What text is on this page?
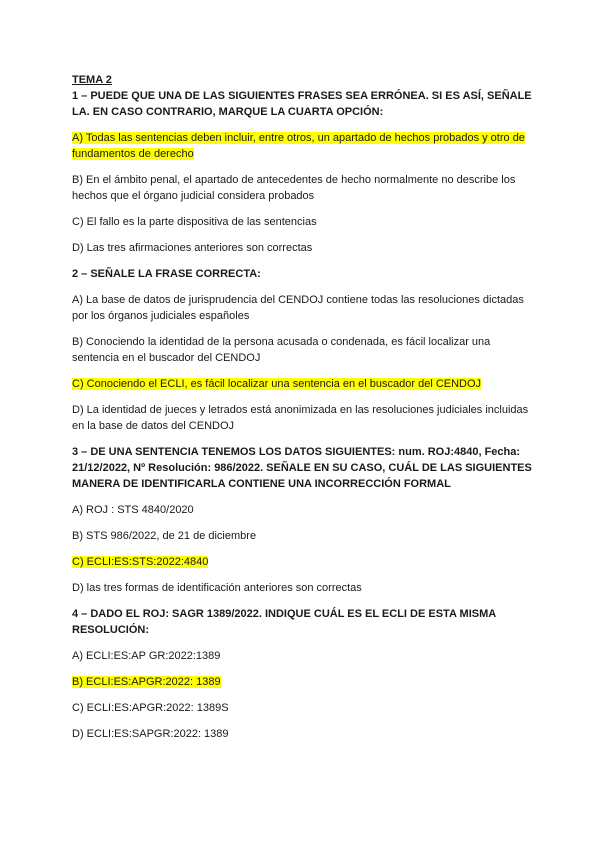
TEMA 2
1 – PUEDE QUE UNA DE LAS SIGUIENTES FRASES SEA ERRÓNEA. SI ES ASÍ, SEÑALE LA. EN CASO CONTRARIO, MARQUE LA CUARTA OPCIÓN:
A) Todas las sentencias deben incluir, entre otros, un apartado de hechos probados y otro de fundamentos de derecho
B) En el ámbito penal, el apartado de antecedentes de hecho normalmente no describe los hechos que el órgano judicial considera probados
C) El fallo es la parte dispositiva de las sentencias
D) Las tres afirmaciones anteriores son correctas
2 – SEÑALE LA FRASE CORRECTA:
A) La base de datos de jurisprudencia del CENDOJ contiene todas las resoluciones dictadas por los órganos judiciales españoles
B) Conociendo la identidad de la persona acusada o condenada, es fácil localizar una sentencia en el buscador del CENDOJ
C) Conociendo el ECLI, es fácil localizar una sentencia en el buscador del CENDOJ
D) La identidad de jueces y letrados está anonimizada en las resoluciones judiciales incluidas en la base de datos del CENDOJ
3 – DE UNA SENTENCIA TENEMOS LOS DATOS SIGUIENTES: num. ROJ:4840, Fecha: 21/12/2022, Nº Resolución: 986/2022. SEÑALE EN SU CASO, CUÁL DE LAS SIGUIENTES MANERA DE IDENTIFICARLA CONTIENE UNA INCORRECCIÓN FORMAL
A) ROJ : STS 4840/2020
B) STS 986/2022, de 21 de diciembre
C) ECLI:ES:STS:2022:4840
D) las tres formas de identificación anteriores son correctas
4 – DADO EL ROJ: SAGR 1389/2022. INDIQUE CUÁL ES EL ECLI DE ESTA MISMA RESOLUCIÓN:
A) ECLI:ES:AP GR:2022:1389
B) ECLI:ES:APGR:2022: 1389
C) ECLI:ES:APGR:2022: 1389S
D) ECLI:ES:SAPGR:2022: 1389
